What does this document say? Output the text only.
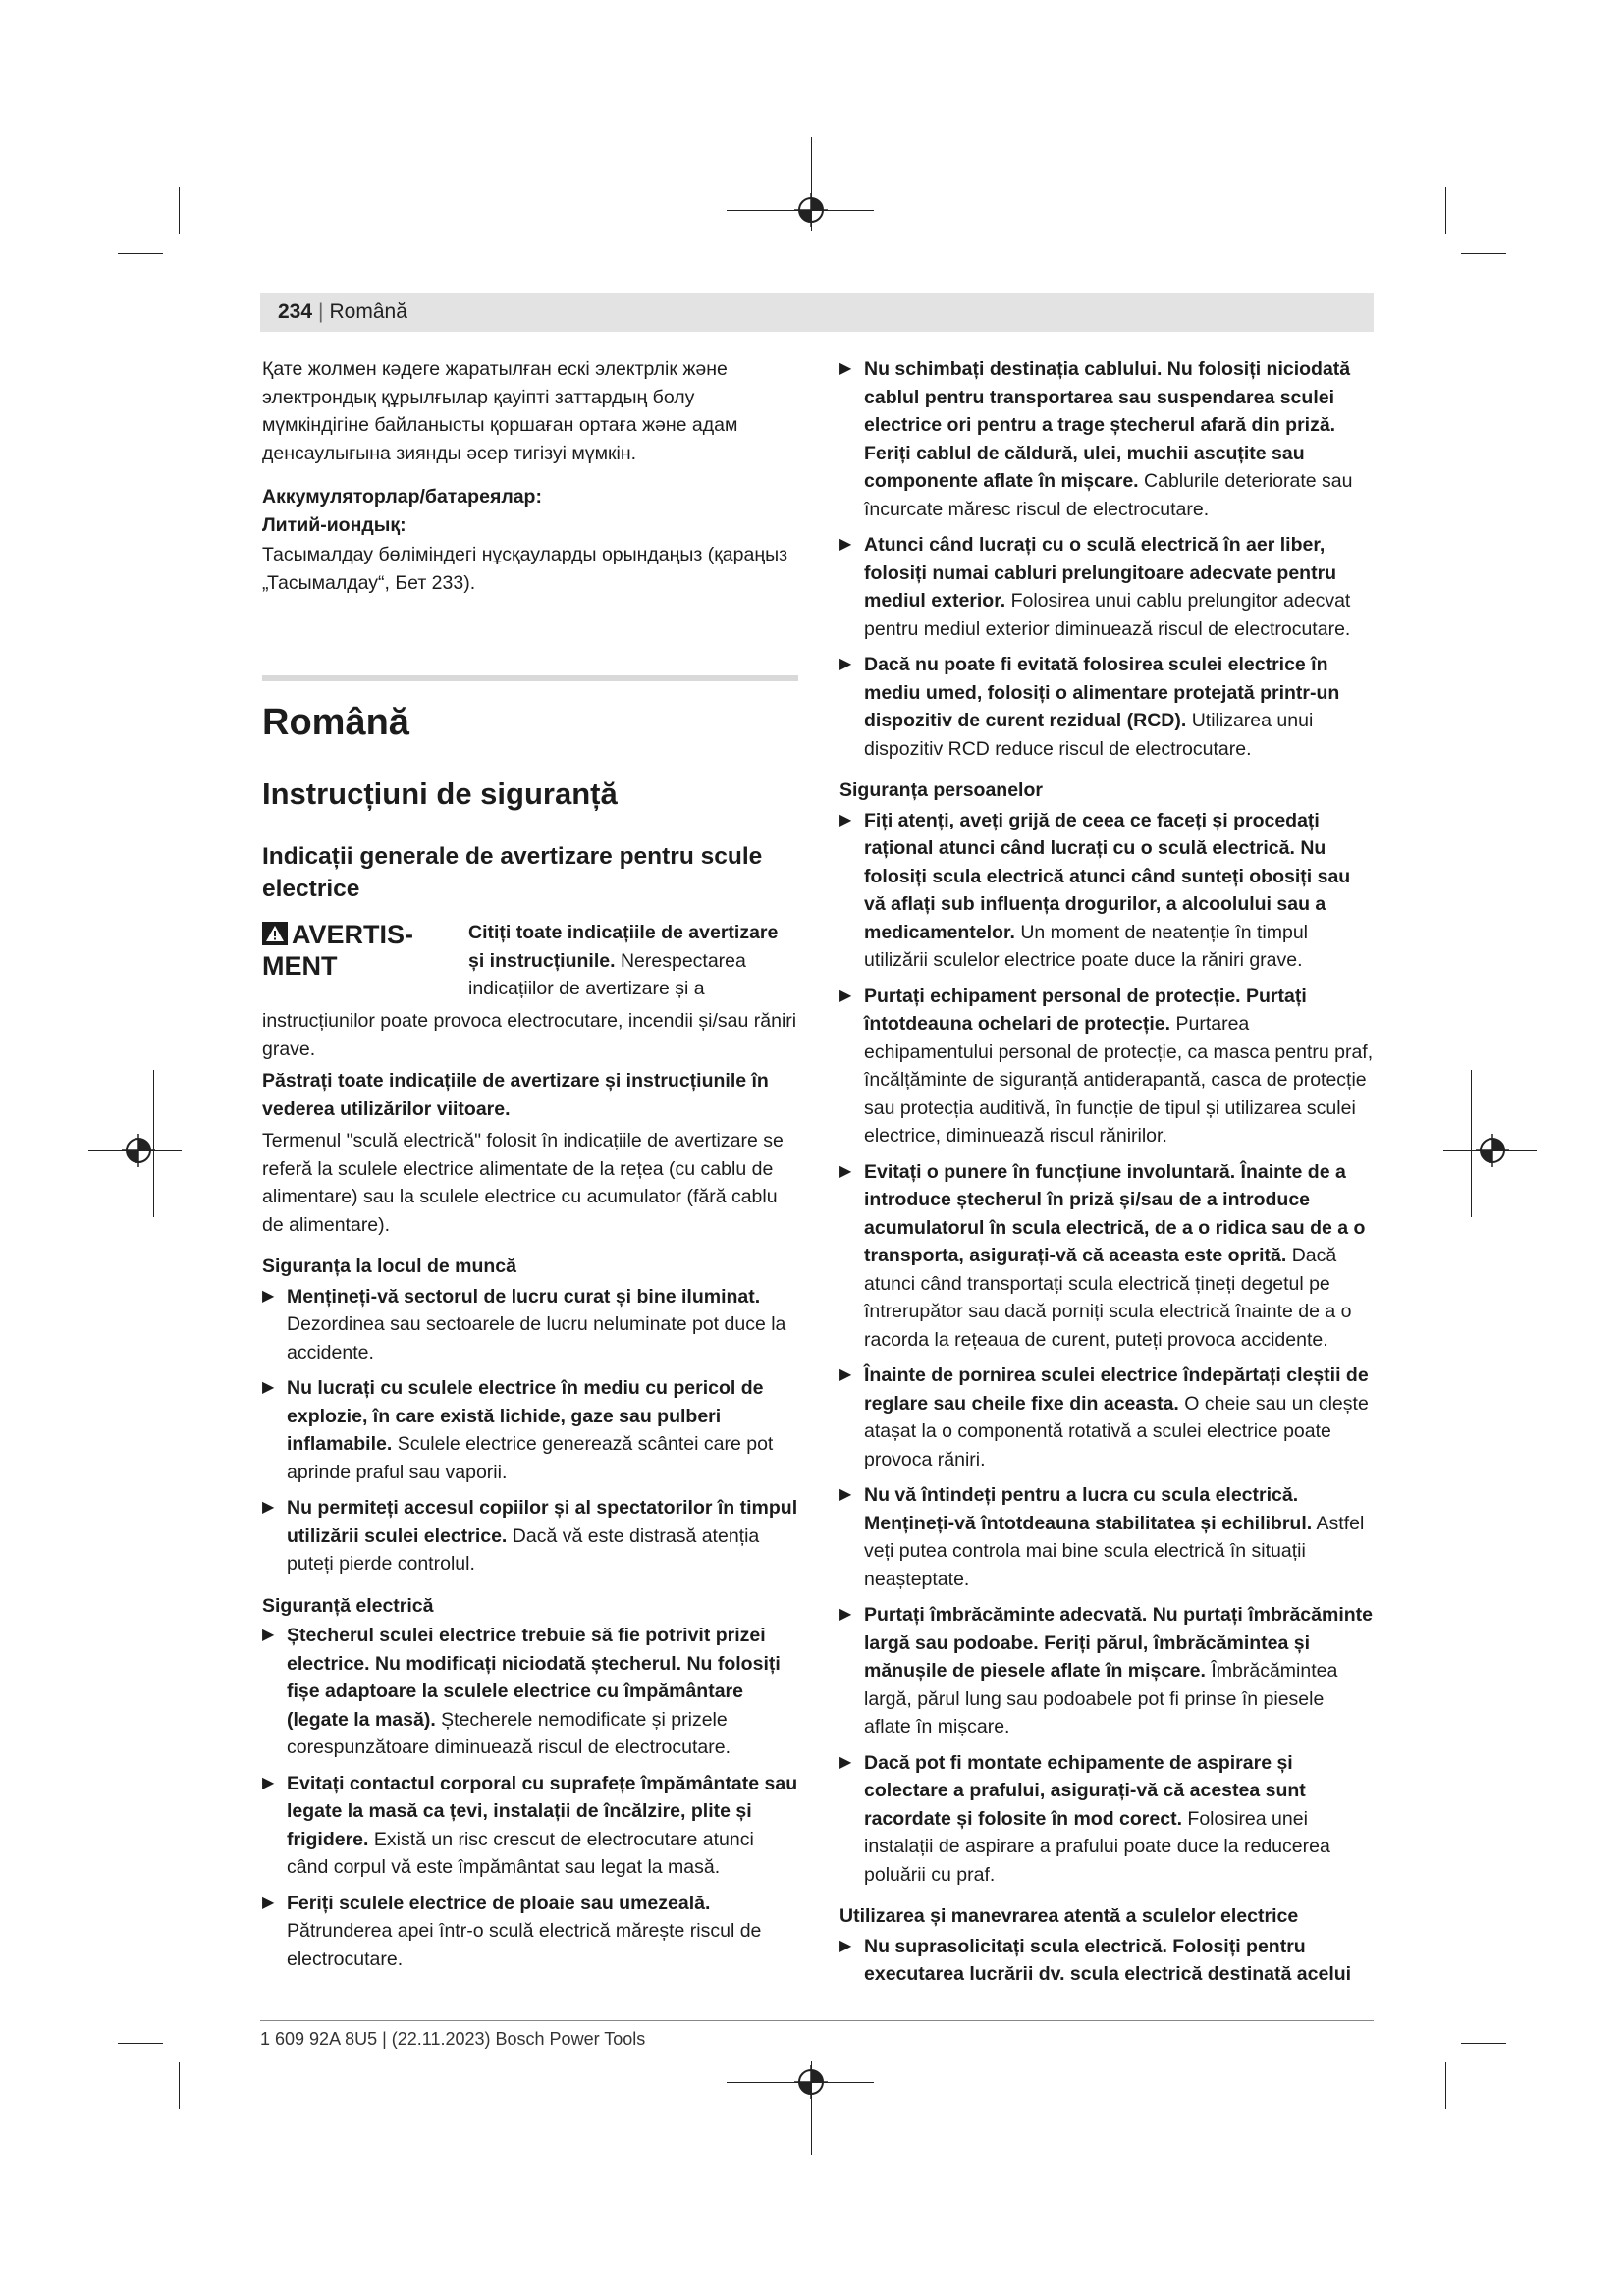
234 | Română

Қате жолмен кәдеге жаратылған ескі электрлік және электрондық құрылғылар қауіпті заттардың болу мүмкіндігіне байланысты қоршаған ортаға және адам денсаулығына зиянды әсер тигізуі мүмкін.

Аккумуляторлар/батареялар:

Литий-иондық:

Тасымалдау бөліміндегі нұсқауларды орындаңыз (қараңыз „Тасымалдау“, Бет 233).

Română
Instrucțiuni de siguranță
Indicații generale de avertizare pentru scule electrice
AVERTIS-
MENT

Citiți toate indicațiile de avertizare și instrucțiunile. Nerespectarea indicațiilor de avertizare și a

instrucțiunilor poate provoca electrocutare, incendii și/sau răniri grave.

Păstrați toate indicațiile de avertizare și instrucțiunile în vederea utilizărilor viitoare.

Termenul "sculă electrică" folosit în indicațiile de avertizare se referă la sculele electrice alimentate de la rețea (cu cablu de alimentare) sau la sculele electrice cu acumulator (fără cablu de alimentare).

Siguranța la locul de muncă

▶ Mențineți-vă sectorul de lucru curat și bine iluminat. Dezordinea sau sectoarele de lucru neluminate pot duce la accidente.
▶ Nu lucrați cu sculele electrice în mediu cu pericol de explozie, în care există lichide, gaze sau pulberi inflamabile. Sculele electrice generează scântei care pot aprinde praful sau vaporii.
▶ Nu permiteți accesul copiilor și al spectatorilor în timpul utilizării sculei electrice. Dacă vă este distrasă atenția puteți pierde controlul.

Siguranță electrică

▶ Ștecherul sculei electrice trebuie să fie potrivit prizei electrice. Nu modificați niciodată ștecherul. Nu folosiți fișe adaptoare la sculele electrice cu împământare (legate la masă). Ștecherele nemodificate și prizele corespunzătoare diminuează riscul de electrocutare.
▶ Evitați contactul corporal cu suprafețe împământate sau legate la masă ca țevi, instalații de încălzire, plite și frigidere. Există un risc crescut de electrocutare atunci când corpul vă este împământat sau legat la masă.
▶ Feriți sculele electrice de ploaie sau umezeală. Pătrunderea apei într-o sculă electrică mărește riscul de electrocutare.
▶ Nu schimbați destinația cablului. Nu folosiți niciodată cablul pentru transportarea sau suspendarea sculei electrice ori pentru a trage ștecherul afară din priză. Feriți cablul de căldură, ulei, muchii ascuțite sau componente aflate în mișcare. Cablurile deteriorate sau încurcate măresc riscul de electrocutare.
▶ Atunci când lucrați cu o sculă electrică în aer liber, folosiți numai cabluri prelungitoare adecvate pentru mediul exterior. Folosirea unui cablu prelungitor adecvat pentru mediul exterior diminuează riscul de electrocutare.
▶ Dacă nu poate fi evitată folosirea sculei electrice în mediu umed, folosiți o alimentare protejată printr-un dispozitiv de curent rezidual (RCD). Utilizarea unui dispozitiv RCD reduce riscul de electrocutare.

Siguranța persoanelor

▶ Fiți atenți, aveți grijă de ceea ce faceți și procedați rațional atunci când lucrați cu o sculă electrică. Nu folosiți scula electrică atunci când sunteți obosiți sau vă aflați sub influența drogurilor, a alcoolului sau a medicamentelor. Un moment de neatenție în timpul utilizării sculelor electrice poate duce la răniri grave.
▶ Purtați echipament personal de protecție. Purtați întotdeauna ochelari de protecție. Purtarea echipamentului personal de protecție, ca masca pentru praf, încălțăminte de siguranță antiderapantă, casca de protecție sau protecția auditivă, în funcție de tipul și utilizarea sculei electrice, diminuează riscul rănirilor.
▶ Evitați o punere în funcțiune involuntară. Înainte de a introduce ștecherul în priză și/sau de a introduce acumulatorul în scula electrică, de a o ridica sau de a o transporta, asigurați-vă că aceasta este oprită. Dacă atunci când transportați scula electrică țineți degetul pe întrerupător sau dacă porniți scula electrică înainte de a o racorda la rețeaua de curent, puteți provoca accidente.
▶ Înainte de pornirea sculei electrice îndepărtați cleștii de reglare sau cheile fixe din aceasta. O cheie sau un clește atașat la o componentă rotativă a sculei electrice poate provoca răniri.
▶ Nu vă întindeți pentru a lucra cu scula electrică. Mențineți-vă întotdeauna stabilitatea și echilibrul. Astfel veți putea controla mai bine scula electrică în situații neașteptate.
▶ Purtați îmbrăcăminte adecvată. Nu purtați îmbrăcăminte largă sau podoabe. Feriți părul, îmbrăcămintea și mănușile de piesele aflate în mișcare. Îmbrăcămintea largă, părul lung sau podoabele pot fi prinse în piesele aflate în mișcare.
▶ Dacă pot fi montate echipamente de aspirare și colectare a prafului, asigurați-vă că acestea sunt racordate și folosite în mod corect. Folosirea unei instalații de aspirare a prafului poate duce la reducerea poluării cu praf.

Utilizarea și manevrarea atentă a sculelor electrice

▶ Nu suprasolicitați scula electrică. Folosiți pentru executarea lucrării dv. scula electrică destinată acelui
1 609 92A 8U5 | (22.11.2023) Bosch Power Tools
